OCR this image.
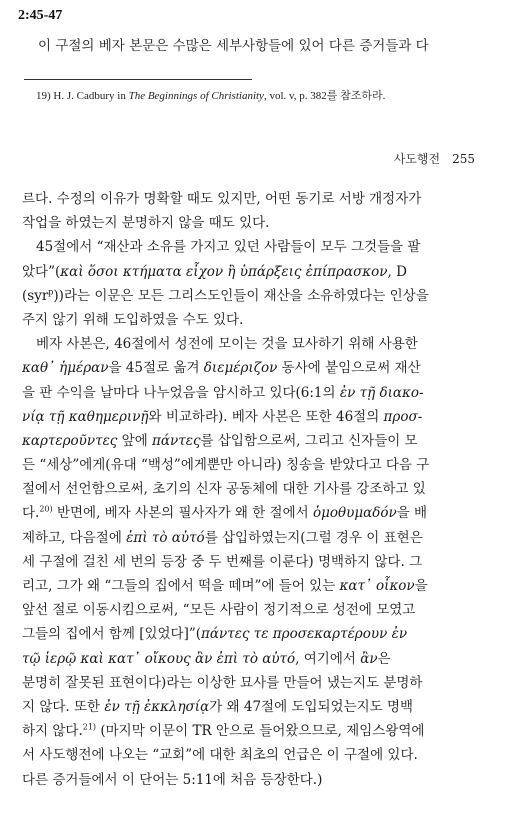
2:45-47
이 구절의 베자 본문은 수많은 세부사항들에 있어 다른 증거들과 다
19) H. J. Cadbury in The Beginnings of Christianity, vol. v, p. 382를 참조하라.
사도행전 255
르다. 수정의 이유가 명확할 때도 있지만, 어떤 동기로 서방 개정자가
작업을 하였는지 분명하지 않을 때도 있다.
45절에서 “재산과 소유를 가지고 있던 사람들이 모두 그것들을 팔
았다”(καὶ ὅσοι κτήματα εἶχον ἢ ὑπάρξεις ἐπίπρασκον, D
(syr$^p$))라는 이문은 모든 그리스도인들이 재산을 소유하였다는 인상을
주지 않기 위해 도입하였을 수도 있다.
베자 사본은, 46절에서 성전에 모이는 것을 묘사하기 위해 사용한
καθ᾽ ἡμέραν을 45절로 옮겨 διεμέριζον 동사에 붙임으로써 재산
을 판 수익을 날마다 나누었음을 암시하고 있다(6:1의 ἐν τῇ διακο-
νίᾳ τῇ καθημερινῇ와 비교하라). 베자 사본은 또한 46절의 προσ-
καρτεροῦντες 앞에 πάντες를 삽입함으로써, 그리고 신자들이 모
든 “세상”에게(유대 “백성”에게뿐만 아니라) 칭송을 받았다고 다음 구
절에서 선언함으로써, 초기의 신자 공동체에 대한 기사를 강조하고 있
다.$^{20)}$ 반면에, 베자 사본의 필사자가 왜 한 절에서 ὁμοθυμαδόν을 배
제하고, 다음절에 ἐπὶ τὸ αὐτό를 삽입하였는지(그럴 경우 이 표현은
세 구절에 걸친 세 번의 등장 중 두 번째를 이룬다) 명백하지 않다. 그
리고, 그가 왜 “그들의 집에서 떡을 떼며”에 들어 있는 κατ᾽ οἶκον을
앞선 절로 이동시킴으로써, “모든 사람이 정기적으로 성전에 모였고
그들의 집에서 함께 [있었다]”(πάντες τε προσεκαρτέρουν ἐν
τῷ ἱερῷ καὶ κατ᾽ οἴκους ἂν ἐπὶ τὸ αὐτό, 여기에서 ἂν은
분명히 잘못된 표현이다)라는 이상한 묘사를 만들어 냈는지도 분명하
지 않다. 또한 ἐν τῇ ἐκκλησίᾳ가 왜 47절에 도입되었는지도 명백
하지 않다.$^{21)}$ (마지막 이문이 TR 안으로 들어왔으므로, 제임스왕역에
서 사도행전에 나오는 “교회”에 대한 최초의 언급은 이 구절에 있다.
다른 증거들에서 이 단어는 5:11에 처음 등장한다.)
